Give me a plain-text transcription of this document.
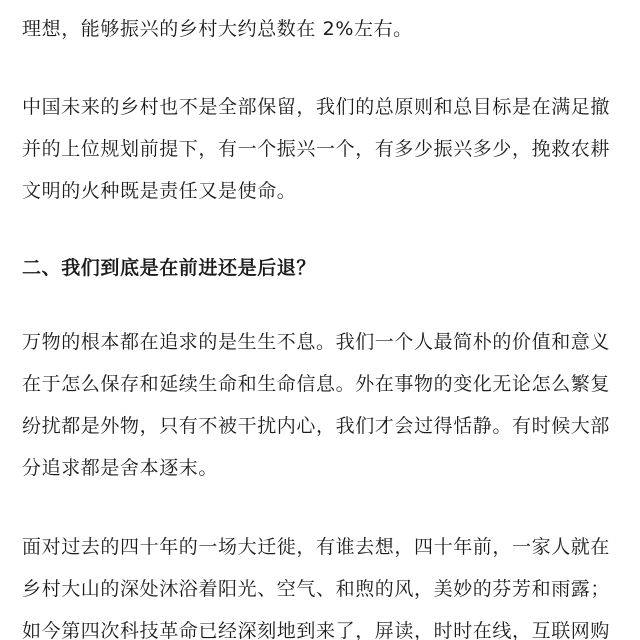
理想，能够振兴的乡村大约总数在 2%左右。
中国未来的乡村也不是全部保留，我们的总原则和总目标是在满足撤
并的上位规划前提下，有一个振兴一个，有多少振兴多少，挽救农耕
文明的火种既是责任又是使命。
二、我们到底是在前进还是后退？
万物的根本都在追求的是生生不息。我们一个人最简朴的价值和意义
在于怎么保存和延续生命和生命信息。外在事物的变化无论怎么繁复
纷扰都是外物，只有不被干扰内心，我们才会过得恬静。有时候大部
分追求都是舍本逐末。
面对过去的四十年的一场大迁徙，有谁去想，四十年前，一家人就在
乡村大山的深处沐浴着阳光、空气、和煦的风，美妙的芬芳和雨露；
如今第四次科技革命已经深刻地到来了，屏读，时时在线，互联网购
